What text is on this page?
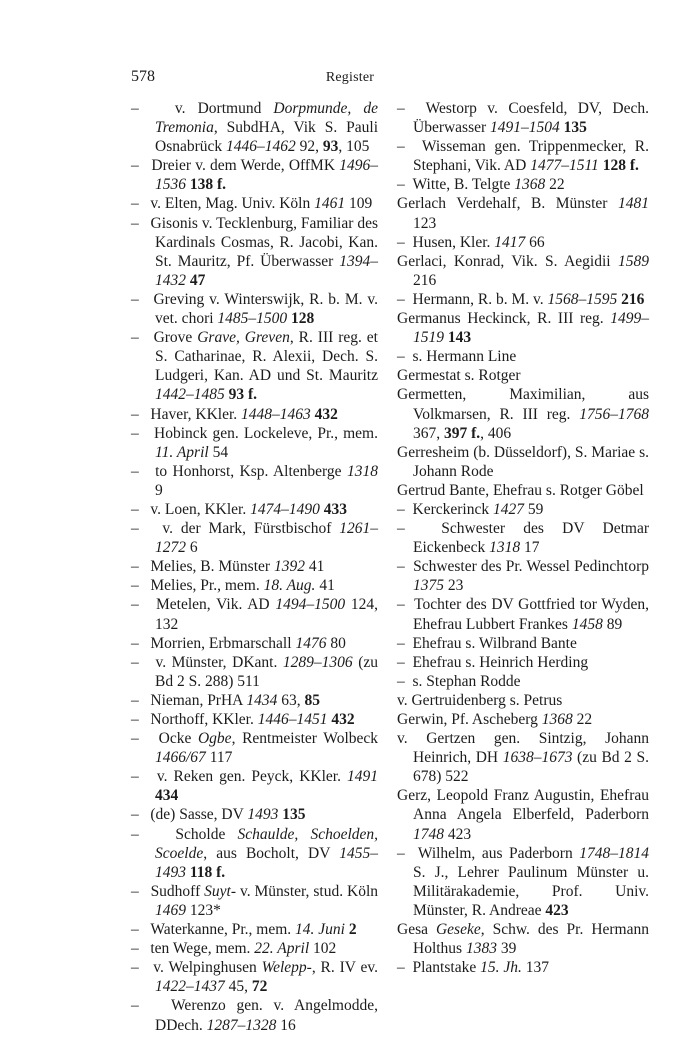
578	Register

–   v. Dortmund Dorpmunde, de Tremonia, SubdHA, Vik S. Pauli Osnabrück 1446–1462 92, 93, 105

–   Dreier v. dem Werde, OffMK 1496–1536 138 f.

–   v. Elten, Mag. Univ. Köln 1461 109

–   Gisonis v. Tecklenburg, Familiar des Kardinals Cosmas, R. Jacobi, Kan. St. Mauritz, Pf. Überwasser 1394–1432 47

–   Greving v. Winterswijk, R. b. M. v. vet. chori 1485–1500 128

–   Grove Grave, Greven, R. III reg. et S. Catharinae, R. Alexii, Dech. S. Ludgeri, Kan. AD und St. Mauritz 1442–1485 93 f.

–   Haver, KKler. 1448–1463 432

–   Hobinck gen. Lockeleve, Pr., mem. 11. April 54

–   to Honhorst, Ksp. Altenberge 1318 9

–   v. Loen, KKler. 1474–1490 433

–   v. der Mark, Fürstbischof 1261–1272 6

–   Melies, B. Münster 1392 41

–   Melies, Pr., mem. 18. Aug. 41

–   Metelen, Vik. AD 1494–1500 124, 132

–   Morrien, Erbmarschall 1476 80

–   v. Münster, DKant. 1289–1306 (zu Bd 2 S. 288) 511

–   Nieman, PrHA 1434 63, 85

–   Northoff, KKler. 1446–1451 432

–   Ocke Ogbe, Rentmeister Wolbeck 1466/67 117

–   v. Reken gen. Peyck, KKler. 1491 434

–   (de) Sasse, DV 1493 135

–   Scholde Schaulde, Schoelden, Scoelde, aus Bocholt, DV 1455–1493 118 f.

–   Sudhoff Suyt- v. Münster, stud. Köln 1469 123*

–   Waterkanne, Pr., mem. 14. Juni 2

–   ten Wege, mem. 22. April 102

–   v. Welpinghusen Welepp-, R. IV ev. 1422–1437 45, 72

–   Werenzo gen. v. Angelmodde, DDech. 1287–1328 16

–  Westorp v. Coesfeld, DV, Dech. Überwasser 1491–1504 135

–  Wisseman gen. Trippenmecker, R. Stephani, Vik. AD 1477–1511 128 f.

–  Witte, B. Telgte 1368 22

Gerlach Verdehalf, B. Münster 1481 123

–  Husen, Kler. 1417 66

Gerlaci, Konrad, Vik. S. Aegidii 1589 216

–  Hermann, R. b. M. v. 1568–1595 216

Germanus Heckinck, R. III reg. 1499–1519 143

–  s. Hermann Line

Germestat s. Rotger

Germetten, Maximilian, aus Volkmarsen, R. III reg. 1756–1768 367, 397 f., 406

Gerresheim (b. Düsseldorf), S. Mariae s. Johann Rode

Gertrud Bante, Ehefrau s. Rotger Göbel

–  Kerckerinck 1427 59

–  Schwester des DV Detmar Eickenbeck 1318 17

–  Schwester des Pr. Wessel Pedinchtorp 1375 23

–  Tochter des DV Gottfried tor Wyden, Ehefrau Lubbert Frankes 1458 89

–  Ehefrau s. Wilbrand Bante

–  Ehefrau s. Heinrich Herding

–  s. Stephan Rodde

v. Gertruidenberg s. Petrus

Gerwin, Pf. Ascheberg 1368 22

v. Gertzen gen. Sintzig, Johann Heinrich, DH 1638–1673 (zu Bd 2 S. 678) 522

Gerz, Leopold Franz Augustin, Ehefrau Anna Angela Elberfeld, Paderborn 1748 423

–  Wilhelm, aus Paderborn 1748–1814 S. J., Lehrer Paulinum Münster u. Militärakademie, Prof. Univ. Münster, R. Andreae 423

Gesa Geseke, Schw. des Pr. Hermann Holthus 1383 39

–  Plantstake 15. Jh. 137
